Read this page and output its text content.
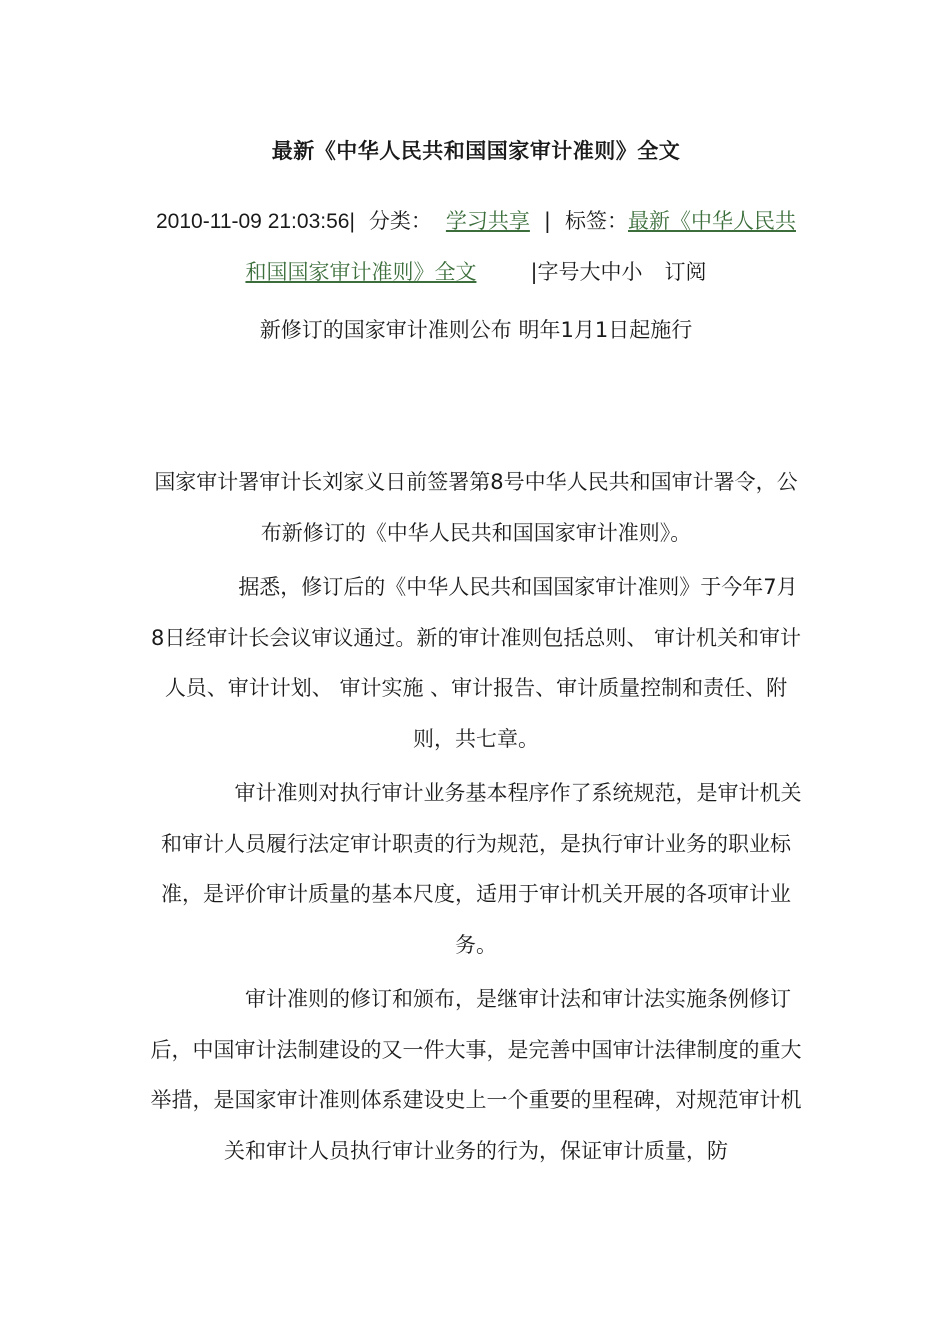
最新《中华人民共和国国家审计准则》全文
2010-11-09 21:03:56| 分类： 学习共享 | 标签：最新《中华人民共和国国家审计准则》全文	|字号大中小 订阅

新修订的国家审计准则公布 明年1月1日起施行

国家审计署审计长刘家义日前签署第8号中华人民共和国审计署令，公布新修订的《中华人民共和国国家审计准则》。

据悉，修订后的《中华人民共和国国家审计准则》于今年7月8日经审计长会议审议通过。新的审计准则包括总则、 审计机关和审计人员、审计计划、 审计实施 、审计报告、审计质量控制和责任、附则，共七章。

审计准则对执行审计业务基本程序作了系统规范，是审计机关和审计人员履行法定审计职责的行为规范，是执行审计业务的职业标准，是评价审计质量的基本尺度，适用于审计机关开展的各项审计业务。

审计准则的修订和颁布，是继审计法和审计法实施条例修订后，中国审计法制建设的又一件大事，是完善中国审计法律制度的重大举措，是国家审计准则体系建设史上一个重要的里程碑，对规范审计机关和审计人员执行审计业务的行为，保证审计质量，防
